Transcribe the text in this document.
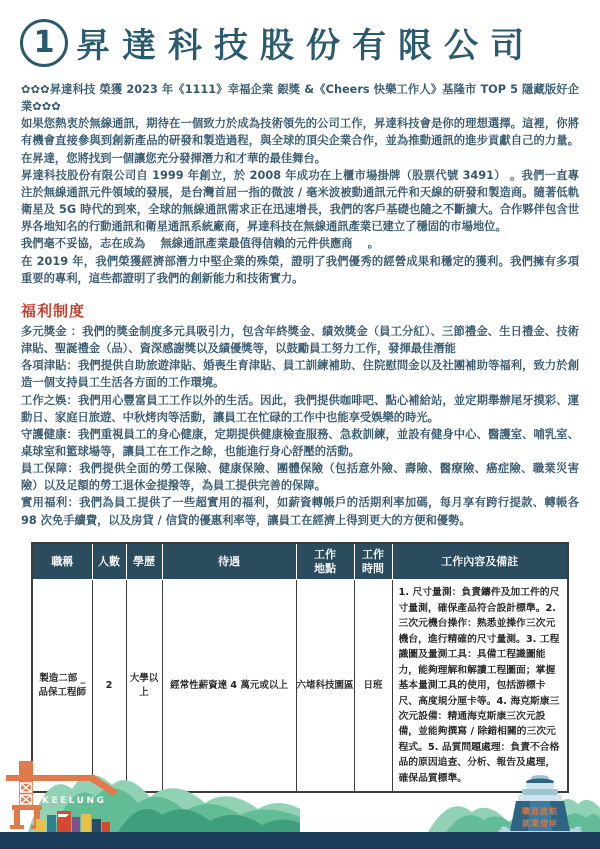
1 昇達科技股份有限公司

✿✿✿昇達科技 榮獲 2023 年《1111》幸福企業 銀獎 &《Cheers 快樂工作人》基隆市 TOP 5 隱藏版好企業✿✿✿

如果您熱衷於無線通訊，期待在一個致力於成為技術領先的公司工作，昇達科技會是你的理想選擇。這裡，你將有機會直接參與到創新產品的研發和製造過程，與全球的頂尖企業合作，並為推動通訊的進步貢獻自己的力量。在昇達，您將找到一個讓您充分發揮潛力和才華的最佳舞台。

昇達科技股份有限公司自 1999 年創立，於 2008 年成功在上櫃市場掛牌（股票代號 3491） 。我們一直專注於無線通訊元件領域的發展，是台灣首屈一指的微波 / 毫米波被動通訊元件和天線的研發和製造商。隨著低軌衛星及 5G 時代的到來，全球的無線通訊需求正在迅速增長，我們的客戶基礎也隨之不斷擴大。合作夥伴包含世界各地知名的行動通訊和衛星通訊系統廠商，昇達科技在無線通訊產業已建立了穩固的市場地位。

我們毫不妥協，志在成為　 無線通訊產業最值得信賴的元件供應商 　。

在 2019 年，我們榮獲經濟部潛力中堅企業的殊榮，證明了我們優秀的經營成果和穩定的獲利。我們擁有多項重要的專利，這些都證明了我們的創新能力和技術實力。

福利制度

多元獎金 ：我們的獎金制度多元具吸引力，包含年終獎金、績效獎金（員工分紅）、三節禮金、生日禮金、技術津貼、聖誕禮金（品）、資深感謝獎以及績優獎等，以鼓勵員工努力工作，發揮最佳潛能

各項津貼：我們提供自助旅遊津貼、婚喪生育津貼、員工訓練補助、住院慰問金以及社團補助等福利，致力於創造一個支持員工生活各方面的工作環境。

工作之娛：我們用心豐富員工工作以外的生活。因此，我們提供咖啡吧、點心補給站，並定期舉辦尾牙摸彩、運動日、家庭日旅遊、中秋烤肉等活動，讓員工在忙碌的工作中也能享受娛樂的時光。

守護健康：我們重視員工的身心健康，定期提供健康檢查服務、急救訓練，並設有健身中心、醫護室、哺乳室、桌球室和籃球場等，讓員工在工作之餘，也能進行身心舒壓的活動。

員工保障：我們提供全面的勞工保險、健康保險、團體保險（包括意外險、壽險、醫療險、癌症險、職業災害險）以及足額的勞工退休金提撥等，為員工提供完善的保障。

實用福利：我們為員工提供了一些超實用的福利，如薪資轉帳戶的活期利率加碼，每月享有跨行提款、轉帳各 98 次免手續費，以及房貸 / 信貸的優惠利率等，讓員工在經濟上得到更大的方便和優勢。

職稱	人數	學歷	待遇	工作地點	工作時間	工作內容及備註
製造二部 _ 品保工程師	2	大學以上	經常性薪資達 4 萬元或以上	六堵科技園區	日班	1. 尺寸量測：負責鑄件及加工件的尺寸量測，確保產品符合設計標準。2. 三次元機台操作：熟悉並操作三次元機台，進行精確的尺寸量測。3. 工程識圖及量測工具：具備工程識圖能力，能夠理解和解讀工程圖面；掌握基本量測工具的使用，包括游標卡尺、高度規分厘卡等。4. 海克斯康三次元設備：精通海克斯康三次元設備，並能夠撰寫 / 除錯相關的三次元程式。5. 品質問題處理：負責不合格品的原因追查、分析、報告及處理，確保品質標準。
KEELUNG
職涯啟航
就業登岸
